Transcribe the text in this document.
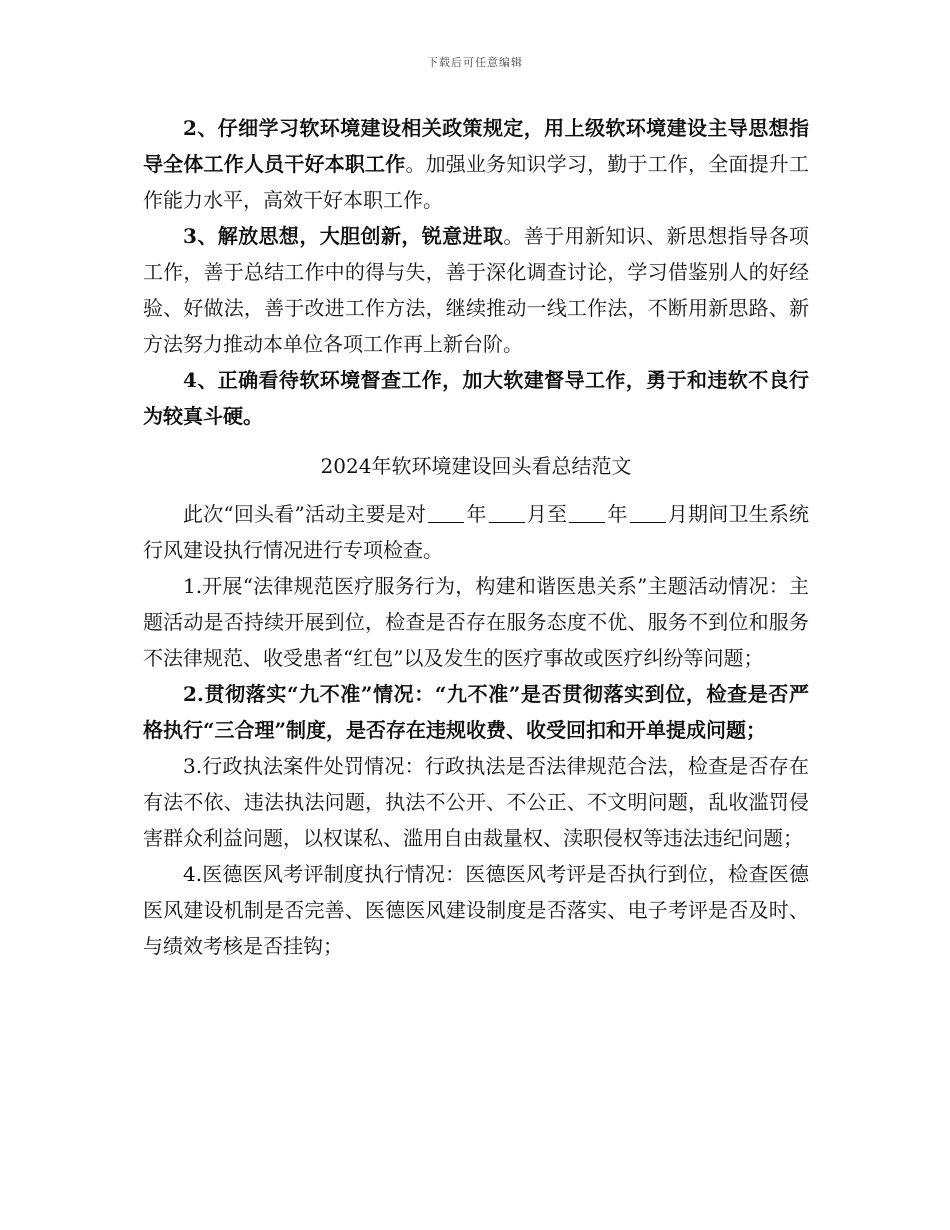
下载后可任意编辑

2、仔细学习软环境建设相关政策规定，用上级软环境建设主导思想指导全体工作人员干好本职工作。加强业务知识学习，勤于工作，全面提升工作能力水平，高效干好本职工作。

3、解放思想，大胆创新，锐意进取。善于用新知识、新思想指导各项工作，善于总结工作中的得与失，善于深化调查讨论，学习借鉴别人的好经验、好做法，善于改进工作方法，继续推动一线工作法，不断用新思路、新方法努力推动本单位各项工作再上新台阶。

4、正确看待软环境督查工作，加大软建督导工作，勇于和违软不良行为较真斗硬。

2024年软环境建设回头看总结范文

此次“回头看”活动主要是对 年 月至 年 月期间卫生系统行风建设执行情况进行专项检查。

1.开展“法律规范医疗服务行为，构建和谐医患关系”主题活动情况：主题活动是否持续开展到位，检查是否存在服务态度不优、服务不到位和服务不法律规范、收受患者“红包”以及发生的医疗事故或医疗纠纷等问题；

2.贯彻落实“九不准”情况：“九不准”是否贯彻落实到位，检查是否严格执行“三合理”制度，是否存在违规收费、收受回扣和开单提成问题；

3.行政执法案件处罚情况：行政执法是否法律规范合法，检查是否存在有法不依、违法执法问题，执法不公开、不公正、不文明问题，乱收滥罚侵害群众利益问题，以权谋私、滥用自由裁量权、渎职侵权等违法违纪问题；

4.医德医风考评制度执行情况：医德医风考评是否执行到位，检查医德医风建设机制是否完善、医德医风建设制度是否落实、电子考评是否及时、与绩效考核是否挂钩；
